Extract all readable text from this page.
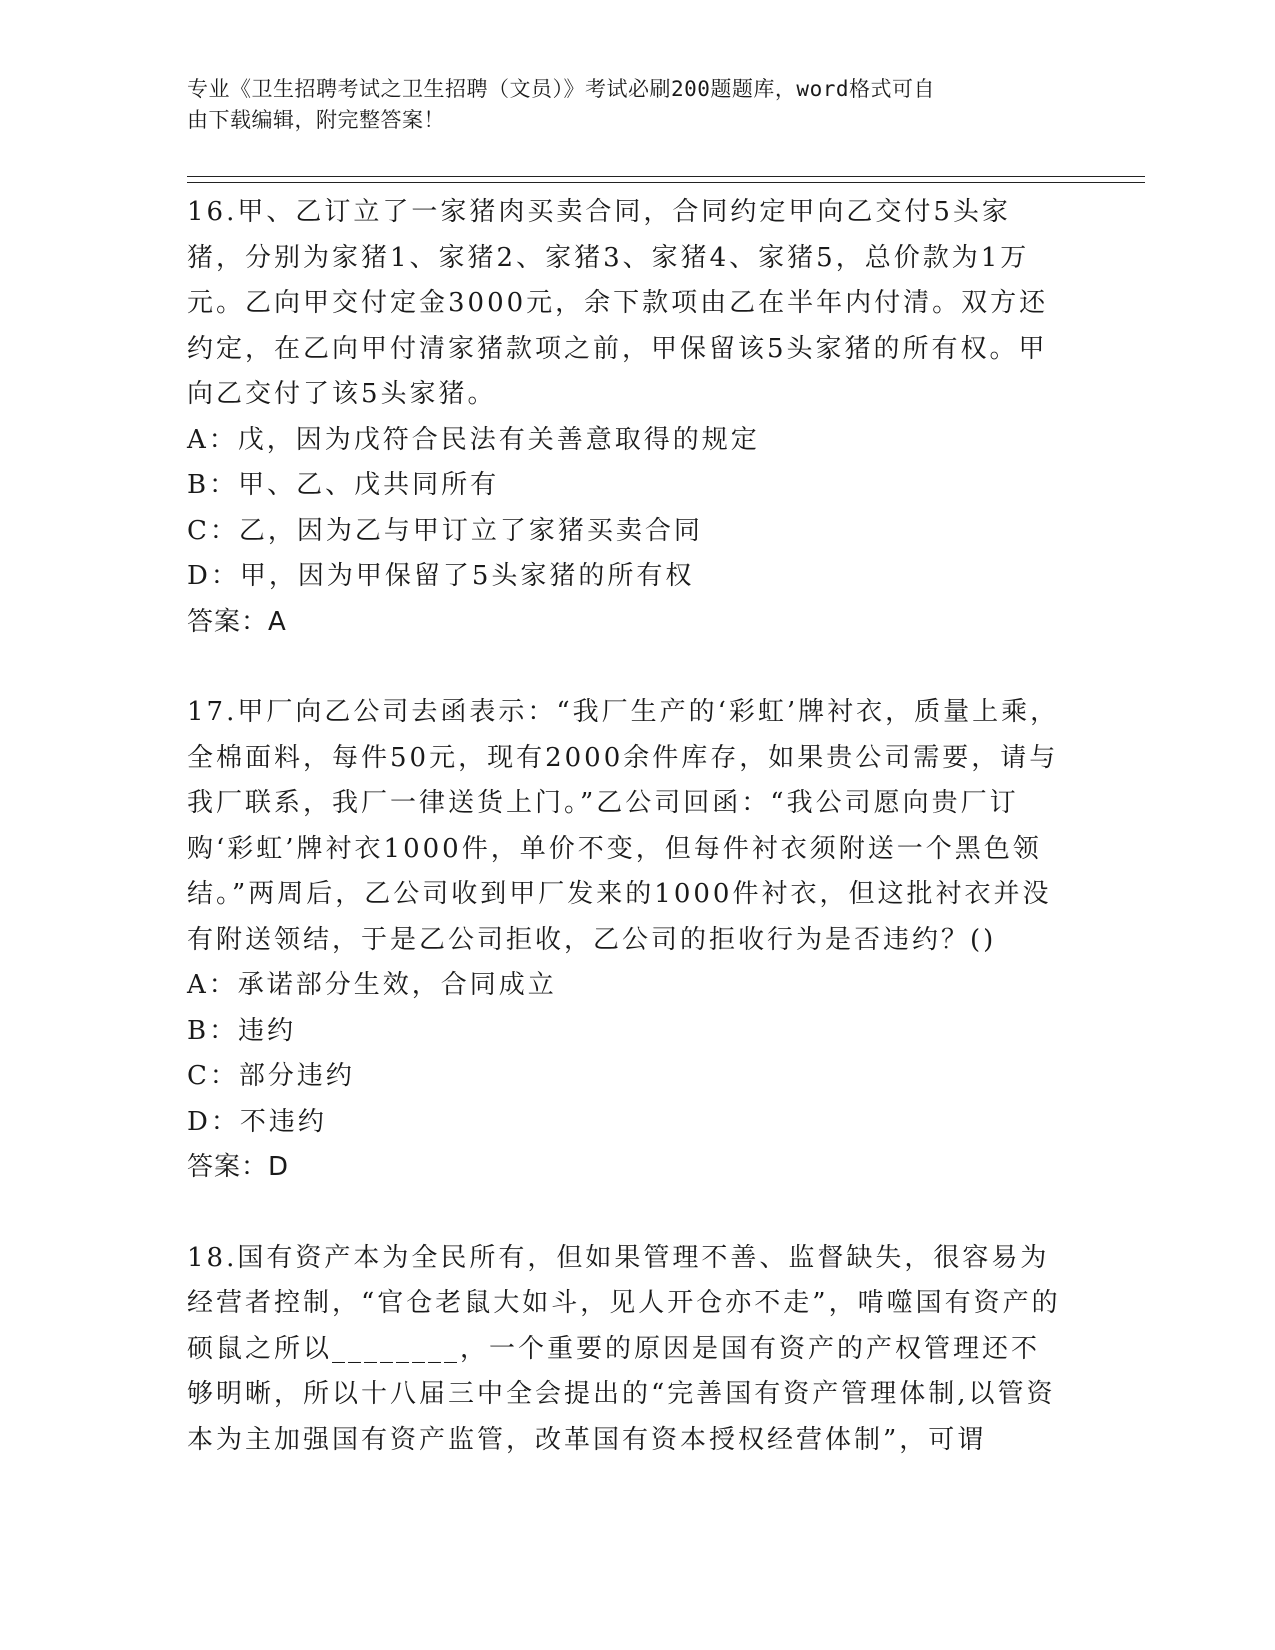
专业《卫生招聘考试之卫生招聘（文员）》考试必刷200题题库，word格式可自
由下载编辑，附完整答案！

16.甲、乙订立了一家猪肉买卖合同，合同约定甲向乙交付5头家猪，分别为家猪1、家猪2、家猪3、家猪4、家猪5，总价款为1万元。乙向甲交付定金3000元，余下款项由乙在半年内付清。双方还约定，在乙向甲付清家猪款项之前，甲保留该5头家猪的所有权。甲向乙交付了该5头家猪。

A：戊，因为戊符合民法有关善意取得的规定

B：甲、乙、戊共同所有

C：乙，因为乙与甲订立了家猪买卖合同

D：甲，因为甲保留了5头家猪的所有权

答案：A

17.甲厂向乙公司去函表示：“我厂生产的‘彩虹’牌衬衣，质量上乘，全棉面料，每件50元，现有2000余件库存，如果贵公司需要，请与我厂联系，我厂一律送货上门。”乙公司回函：“我公司愿向贵厂订购‘彩虹’牌衬衣1000件，单价不变，但每件衬衣须附送一个黑色领结。”两周后，乙公司收到甲厂发来的1000件衬衣，但这批衬衣并没有附送领结，于是乙公司拒收，乙公司的拒收行为是否违约？()

A：承诺部分生效，合同成立

B：违约

C：部分违约

D：不违约

答案：D

18.国有资产本为全民所有，但如果管理不善、监督缺失，很容易为经营者控制，“官仓老鼠大如斗，见人开仓亦不走”，啃噬国有资产的硕鼠之所以________，一个重要的原因是国有资产的产权管理还不够明晰，所以十八届三中全会提出的“完善国有资产管理体制,以管资本为主加强国有资产监管，改革国有资本授权经营体制”，可谓
